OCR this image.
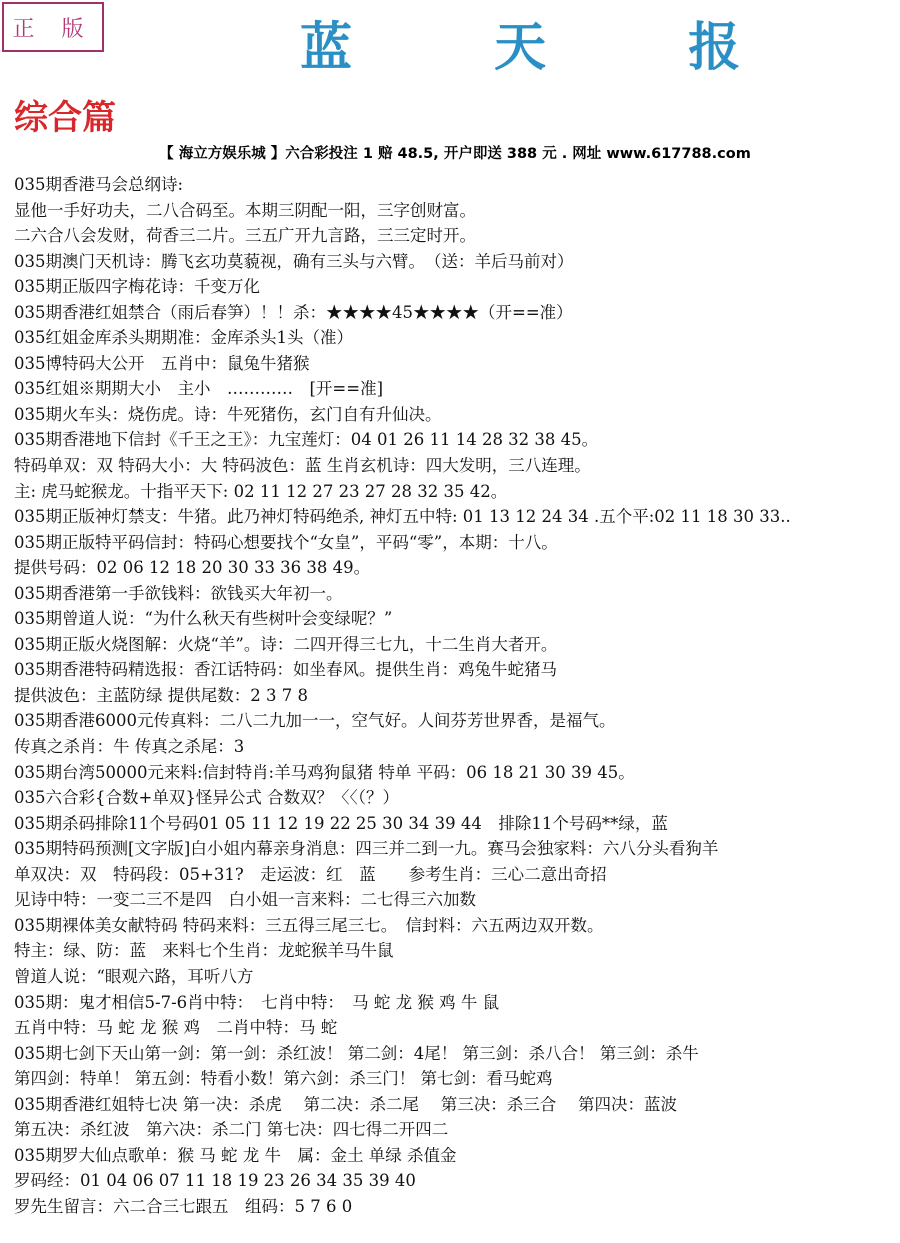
正 版	蓝 天 报
综合篇
【 海立方娱乐城 】六合彩投注 1 赔 48.5, 开户即送 388 元 . 网址 www.617788.com
035期香港马会总纲诗:
显他一手好功夫，二八合码至。本期三阴配一阳，三字创财富。
二六合八会发财，荷香三二片。三五广开九言路，三三定时开。
035期澳门天机诗：腾飞玄功莫藐视，确有三头与六臂。　（送：羊后马前对）
035期正版四字梅花诗：千变万化
035期香港红姐禁合（雨后春笋）！！杀：★★★★45★★★★（开==准）
035红姐金库杀头期期准：金库杀头1头（准）
035博特码大公开　五肖中：鼠兔牛猪猴
035红姐※期期大小　主小　…………　[开==准]
035期火车头：烧伤虎。诗：牛死猪伤，玄门自有升仙决。
035期香港地下信封《千王之王》：九宝莲灯：04 01 26 11 14 28 32 38 45。
特码单双：双 特码大小：大 特码波色：蓝 生肖玄机诗：四大发明，三八连理。
主: 虎马蛇猴龙。十指平天下: 02 11 12 27 23 27 28 32 35 42。
035期正版神灯禁支：牛猪。此乃神灯特码绝杀, 神灯五中特: 01 13 12 24 34 .五个平:02 11 18 30 33..
035期正版特平码信封：特码心想要找个“女皇”，平码“零”，本期：十八。
提供号码：02 06 12 18 20 30 33 36 38 49。
035期香港第一手欲钱料：欲钱买大年初一。
035期曾道人说：“为什么秋天有些树叶会变绿呢？”
035期正版火烧图解：火烧“羊”。诗：二四开得三七九，十二生肖大者开。
035期香港特码精选报：香江话特码：如坐春风。提供生肖：鸡兔牛蛇猪马
提供波色：主蓝防绿 提供尾数：2 3 7 8
035期香港6000元传真料：二八二九加一一，空气好。人间芬芳世界香，是福气。
传真之杀肖：牛 传真之杀尾：3
035期台湾50000元来料:信封特肖:羊马鸡狗鼠猪 特单 平码：06 18 21 30 39 45。
035六合彩{合数+单双}怪异公式 合数双？〈〈（？）
035期杀码排除11个号码01 05 11 12 19 22 25 30 34 39 44　排除11个号码**绿，蓝
035期特码预测[文字版]白小姐内幕亲身消息：四三并二到一九。赛马会独家料：六八分头看狗羊
单双决：双　特码段：05+31?　走运波：红　蓝　　参考生肖：三心二意出奇招
见诗中特：一变二三不是四　白小姐一言来料：二七得三六加数
035期裸体美女献特码 特码来料：三五得三尾三七。　信封料：六五两边双开数。
特主：绿、防：蓝　来料七个生肖：龙蛇猴羊马牛鼠
曾道人说：“眼观六路，耳听八方
035期：鬼才相信5-7-6肖中特：　七肖中特：　马 蛇 龙 猴 鸡 牛 鼠
五肖中特：马 蛇 龙 猴 鸡　二肖中特：马 蛇
035期七剑下天山第一剑：第一剑：杀红波！ 第二剑：4尾！ 第三剑：杀八合！ 第三剑：杀牛
第四剑：特单！ 第五剑：特看小数！第六剑：杀三门！ 第七剑：看马蛇鸡
035期香港红姐特七决 第一决：杀虎　 第二决：杀二尾　 第三决：杀三合　 第四决：蓝波
第五决：杀红波　第六决：杀二门 第七决：四七得二开四二
035期罗大仙点歌单：猴 马 蛇 龙 牛　属：金土 单绿 杀值金
罗码经：01 04 06 07 11 18 19 23 26 34 35 39 40
罗先生留言：六二合三七跟五　组码：5 7 6 0
